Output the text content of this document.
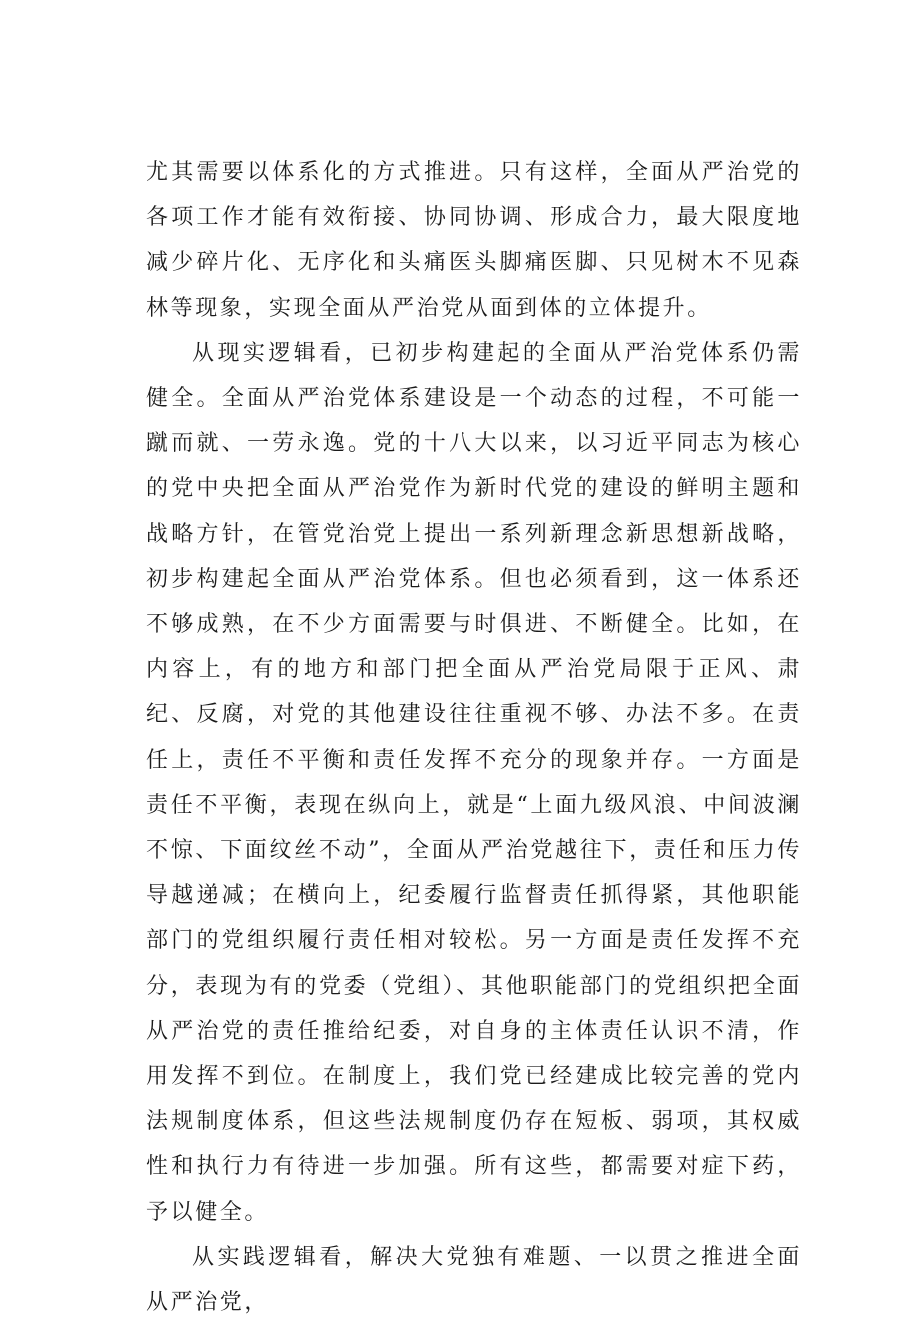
尤其需要以体系化的方式推进。只有这样，全面从严治党的各项工作才能有效衔接、协同协调、形成合力，最大限度地减少碎片化、无序化和头痛医头脚痛医脚、只见树木不见森林等现象，实现全面从严治党从面到体的立体提升。

从现实逻辑看，已初步构建起的全面从严治党体系仍需健全。全面从严治党体系建设是一个动态的过程，不可能一蹴而就、一劳永逸。党的十八大以来，以习近平同志为核心的党中央把全面从严治党作为新时代党的建设的鲜明主题和战略方针，在管党治党上提出一系列新理念新思想新战略，初步构建起全面从严治党体系。但也必须看到，这一体系还不够成熟，在不少方面需要与时俱进、不断健全。比如，在内容上，有的地方和部门把全面从严治党局限于正风、肃纪、反腐，对党的其他建设往往重视不够、办法不多。在责任上，责任不平衡和责任发挥不充分的现象并存。一方面是责任不平衡，表现在纵向上，就是“上面九级风浪、中间波澜不惊、下面纹丝不动”，全面从严治党越往下，责任和压力传导越递减；在横向上，纪委履行监督责任抓得紧，其他职能部门的党组织履行责任相对较松。另一方面是责任发挥不充分，表现为有的党委（党组）、其他职能部门的党组织把全面从严治党的责任推给纪委，对自身的主体责任认识不清，作用发挥不到位。在制度上，我们党已经建成比较完善的党内法规制度体系，但这些法规制度仍存在短板、弱项，其权威性和执行力有待进一步加强。所有这些，都需要对症下药，予以健全。

从实践逻辑看，解决大党独有难题、一以贯之推进全面从严治党，
